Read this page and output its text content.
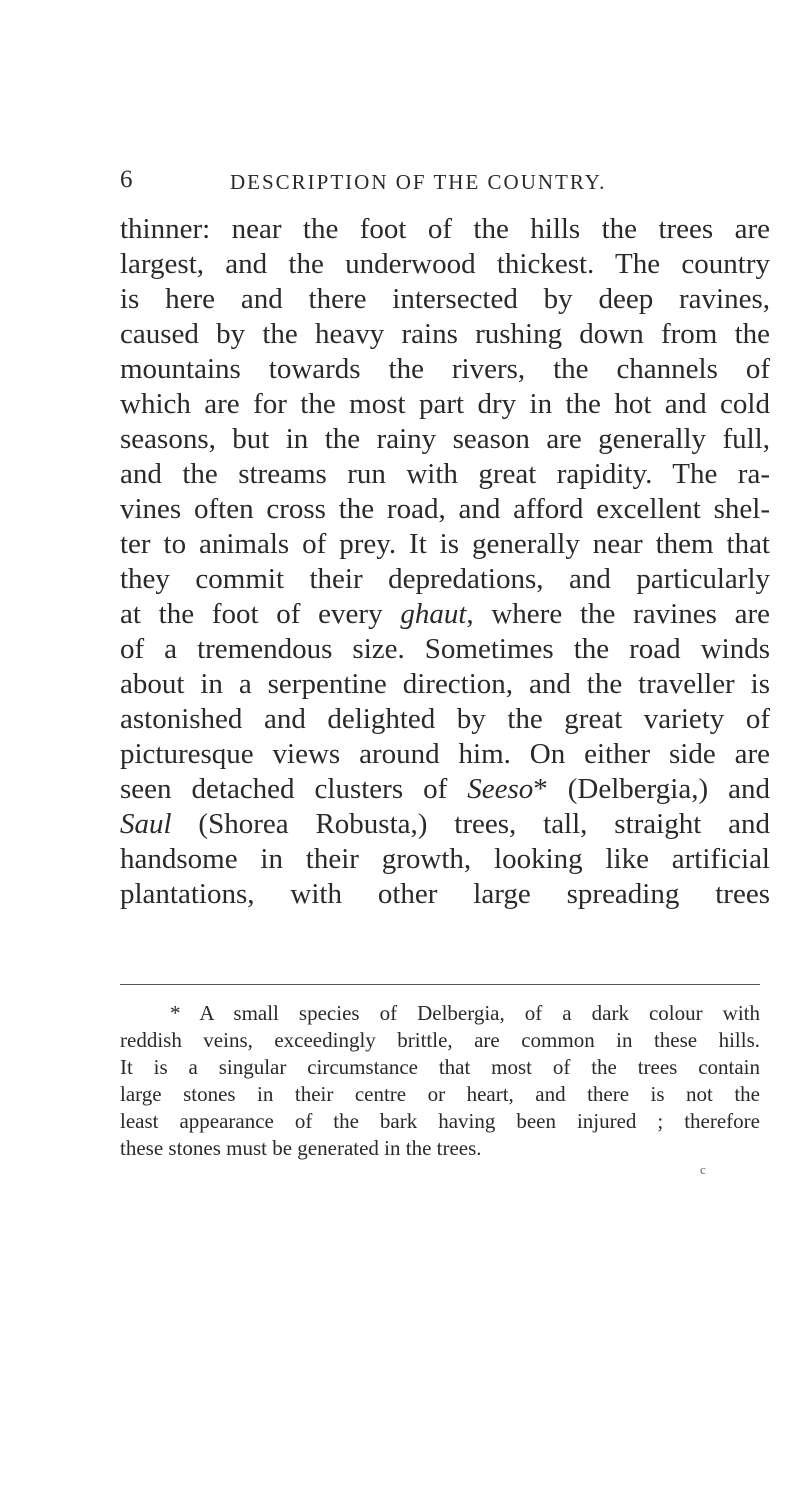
6	DESCRIPTION OF THE COUNTRY.
thinner: near the foot of the hills the trees are
largest, and the underwood thickest. The country
is here and there intersected by deep ravines,
caused by the heavy rains rushing down from the
mountains towards the rivers, the channels of
which are for the most part dry in the hot and cold
seasons, but in the rainy season are generally full,
and the streams run with great rapidity. The ra-
vines often cross the road, and afford excellent shel-
ter to animals of prey. It is generally near them that
they commit their depredations, and particularly
at the foot of every ghaut, where the ravines are
of a tremendous size. Sometimes the road winds
about in a serpentine direction, and the traveller is
astonished and delighted by the great variety of
picturesque views around him. On either side are
seen detached clusters of Seeso* (Delbergia,) and
Saul (Shorea Robusta,) trees, tall, straight and
handsome in their growth, looking like artificial
plantations, with other large spreading trees
* A small species of Delbergia, of a dark colour with
reddish veins, exceedingly brittle, are common in these hills.
It is a singular circumstance that most of the trees contain
large stones in their centre or heart, and there is not the
least appearance of the bark having been injured ; therefore
these stones must be generated in the trees.
c
